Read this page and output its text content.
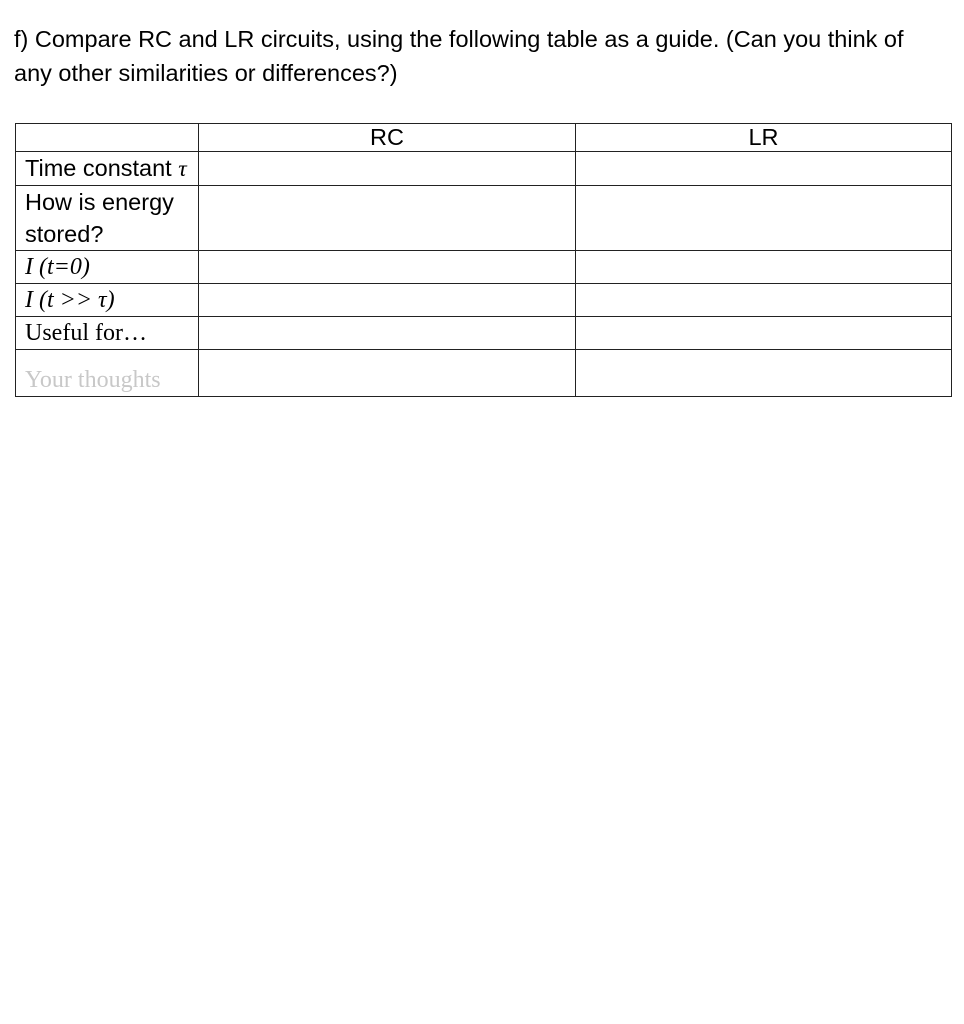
f) Compare RC and LR circuits, using the following table as a guide. (Can you think of any other similarities or differences?)
	RC	LR
Time constant τ		
How is energy stored?		
I (t=0)		
I (t >> τ)		
Useful for…		
Your thoughts		
